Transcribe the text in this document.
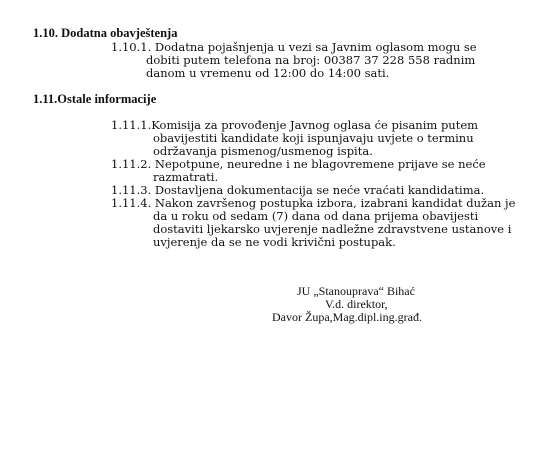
1.10. Dodatna obavještenja
1.10.1. Dodatna pojašnjenja u vezi sa Javnim oglasom mogu se
dobiti putem telefona na broj: 00387 37 228 558 radnim
danom u vremenu od 12:00 do 14:00 sati.
1.11.Ostale informacije
1.11.1.Komisija za provođenje Javnog oglasa će pisanim putem
obavijestiti kandidate koji ispunjavaju uvjete o terminu
održavanja pismenog/usmenog ispita.
1.11.2. Nepotpune, neuredne i ne blagovremene prijave se neće
razmatrati.
1.11.3. Dostavljena dokumentacija se neće vraćati kandidatima.
1.11.4. Nakon završenog postupka izbora, izabrani kandidat dužan je
da u roku od sedam (7) dana od dana prijema obavijesti
dostaviti ljekarsko uvjerenje nadležne zdravstvene ustanove i
uvjerenje da se ne vodi krivični postupak.
JU „Stanouprava“ Bihać
V.d. direktor,
Davor Župa,Mag.dipl.ing.građ.
